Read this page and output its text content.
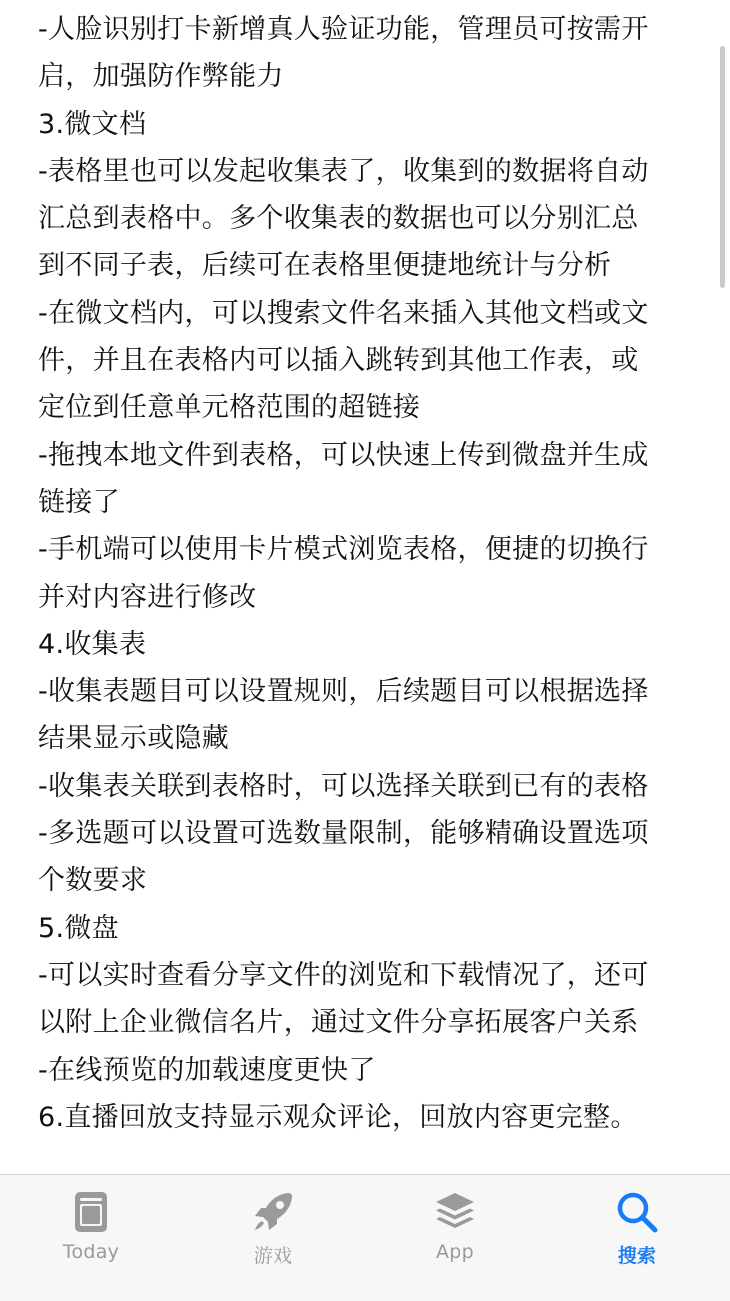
-人脸识别打卡新增真人验证功能，管理员可按需开
启，加强防作弊能力
3.微文档
-表格里也可以发起收集表了，收集到的数据将自动
汇总到表格中。多个收集表的数据也可以分别汇总
到不同子表，后续可在表格里便捷地统计与分析
-在微文档内，可以搜索文件名来插入其他文档或文
件，并且在表格内可以插入跳转到其他工作表，或
定位到任意单元格范围的超链接
-拖拽本地文件到表格，可以快速上传到微盘并生成
链接了
-手机端可以使用卡片模式浏览表格，便捷的切换行
并对内容进行修改
4.收集表
-收集表题目可以设置规则，后续题目可以根据选择
结果显示或隐藏
-收集表关联到表格时，可以选择关联到已有的表格
-多选题可以设置可选数量限制，能够精确设置选项
个数要求
5.微盘
-可以实时查看分享文件的浏览和下载情况了，还可
以附上企业微信名片，通过文件分享拓展客户关系
-在线预览的加载速度更快了
6.直播回放支持显示观众评论，回放内容更完整。
Today	游戏	App	搜索
